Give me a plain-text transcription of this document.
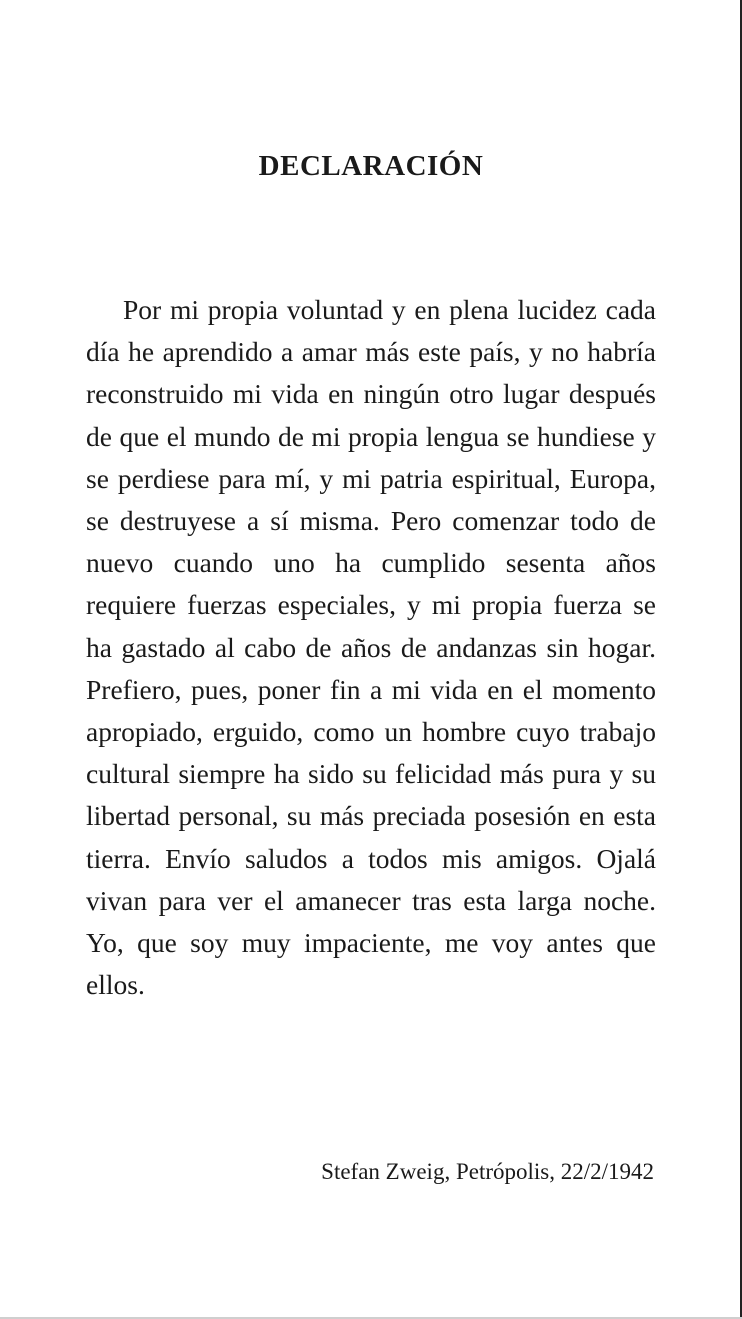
DECLARACIÓN

Por mi propia voluntad y en plena lucidez cada día he aprendido a amar más este país, y no habría reconstruido mi vida en ningún otro lugar después de que el mundo de mi propia lengua se hundiese y se perdiese para mí, y mi patria espiritual, Europa, se destruyese a sí misma. Pero comenzar todo de nuevo cuando uno ha cumplido sesenta años requiere fuerzas especiales, y mi propia fuerza se ha gastado al cabo de años de andanzas sin hogar. Prefiero, pues, poner fin a mi vida en el momento apropiado, erguido, como un hombre cuyo trabajo cultural siempre ha sido su felicidad más pura y su libertad personal, su más preciada posesión en esta tierra. Envío saludos a todos mis amigos. Ojalá vivan para ver el amanecer tras esta larga noche. Yo, que soy muy impaciente, me voy antes que ellos.

Stefan Zweig, Petrópolis, 22/2/1942
